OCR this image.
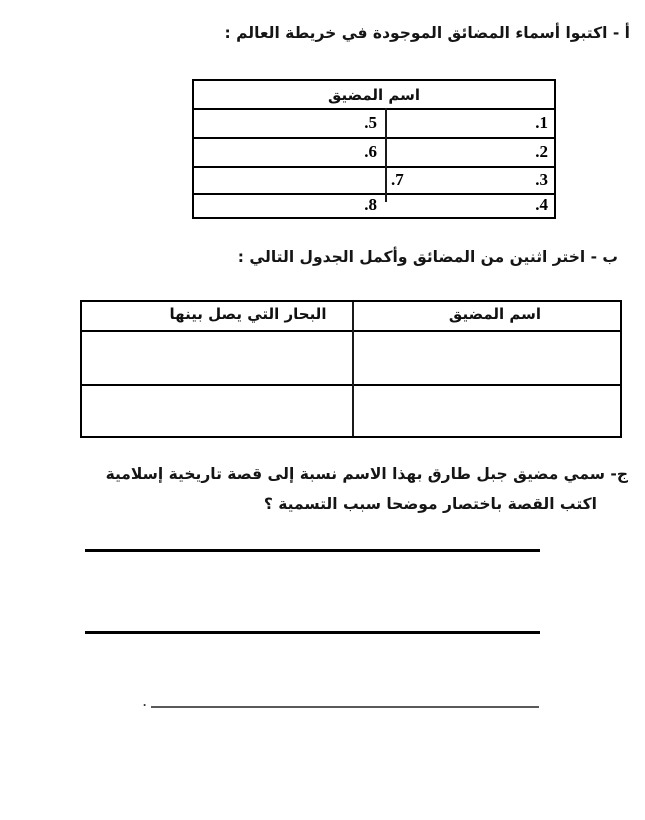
أ - اكتبوا أسماء المضائق الموجودة في خريطة العالم :
اسم المضيق
.1
.5
.2
.6
.3
.7
.4
.8
ب - اختر اثنين من المضائق وأكمل الجدول التالي :
اسم المضيق
البحار التي يصل بينها
ج- سمي مضيق جبل طارق بهذا الاسم نسبة إلى قصة تاريخية إسلامية
اكتب القصة باختصار موضحا سبب التسمية ؟
.
